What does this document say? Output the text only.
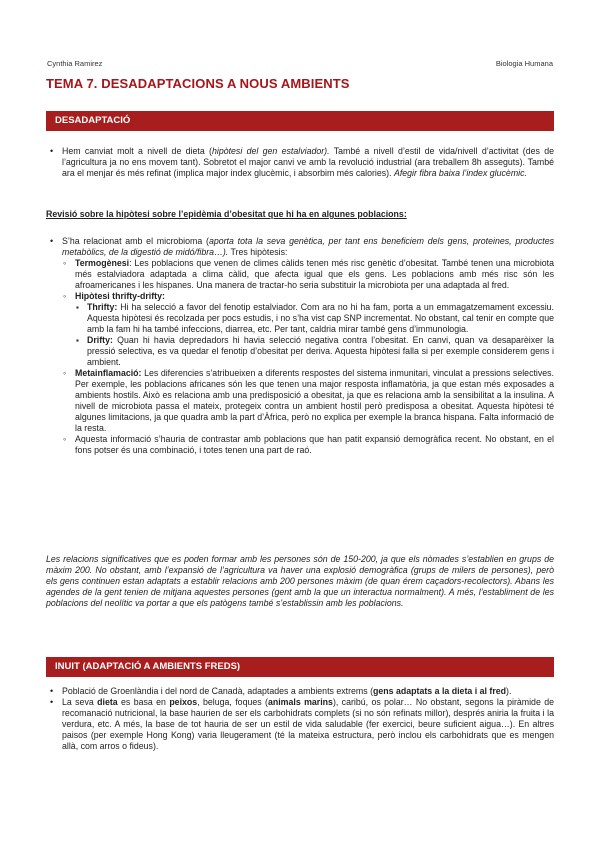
Cynthia Ramirez	Biologia Humana
TEMA 7. DESADAPTACIONS A NOUS AMBIENTS
DESADAPTACIÓ
• Hem canviat molt a nivell de dieta (hipòtesi del gen estalviador). També a nivell d’estil de vida/nivell d’activitat (des de l’agricultura ja no ens movem tant). Sobretot el major canvi ve amb la revolució industrial (ara treballem 8h asseguts). També ara el menjar és més refinat (implica major index glucèmic, i absorbim més calories). Afegir fibra baixa l’index glucèmic.
Revisió sobre la hipòtesi sobre l’epidèmia d’obesitat que hi ha en algunes poblacions:
• S’ha relacionat amb el microbioma (aporta tota la seva genètica, per tant ens beneficiem dels gens, proteines, productes metabòlics, de la digestió de midó/fibra…). Tres hipòtesis:
◦ Termogènesi: Les poblacions que venen de climes càlids tenen més risc genètic d’obesitat. També tenen una microbiota més estalviadora adaptada a clima càlid, que afecta igual que els gens. Les poblacions amb més risc són les afroamericanes i les hispanes. Una manera de tractar-ho seria substituir la microbiota per una adaptada al fred.
◦ Hipòtesi thrifty-drifty:
▪ Thrifty: Hi ha selecció a favor del fenotip estalviador. Com ara no hi ha fam, porta a un emmagatzemament excessiu. Aquesta hipòtesi és recolzada per pocs estudis, i no s’ha vist cap SNP incrementat. No obstant, cal tenir en compte que amb la fam hi ha també infeccions, diarrea, etc. Per tant, caldria mirar també gens d’immunologia.
▪ Drifty: Quan hi havia depredadors hi havia selecció negativa contra l’obesitat. En canvi, quan va desaparèixer la pressió selectiva, es va quedar el fenotip d’obesitat per deriva. Aquesta hipòtesi falla si per exemple considerem gens i ambient.
◦ Metainflamació: Les diferencies s’atribueixen a diferents respostes del sistema inmunitari, vinculat a pressions selectives. Per exemple, les poblacions africanes són les que tenen una major resposta inflamatòria, ja que estan més exposades a ambients hostils. Això es relaciona amb una predisposició a obesitat, ja que es relaciona amb la sensibilitat a la insulina. A nivell de microbiota passa el mateix, protegeix contra un ambient hostil però predisposa a obesitat. Aquesta hipòtesi té algunes limitacions, ja que quadra amb la part d’Àfrica, però no explica per exemple la branca hispana. Falta informació de la resta.
◦ Aquesta informació s’hauria de contrastar amb poblacions que han patit expansió demogràfica recent. No obstant, en el fons potser és una combinació, i totes tenen una part de raó.
Les relacions significatives que es poden formar amb les persones són de 150-200, ja que els nòmades s’establien en grups de màxim 200. No obstant, amb l’expansió de l’agricultura va haver una explosió demogràfica (grups de milers de persones), però els gens continuen estan adaptats a establir relacions amb 200 persones màxim (de quan érem caçadors-recolectors). Abans les agendes de la gent tenien de mitjana aquestes persones (gent amb la que un interactua normalment). A més, l’establiment de les poblacions del neolític va portar a que els patògens també s’establissin amb les poblacions.
INUIT (ADAPTACIÓ A AMBIENTS FREDS)
• Població de Groenlàndia i del nord de Canadà, adaptades a ambients extrems (gens adaptats a la dieta i al fred).
• La seva dieta es basa en peixos, beluga, foques (animals marins), caribú, os polar… No obstant, segons la piràmide de recomanació nutricional, la base haurien de ser els carbohidrats complets (si no són refinats millor), després aniria la fruita i la verdura, etc. A més, la base de tot hauria de ser un estil de vida saludable (fer exercici, beure suficient aigua…). En altres paisos (per exemple Hong Kong) varia lleugerament (té la mateixa estructura, però inclou els carbohidrats que es mengen allà, com arros o fideus).
